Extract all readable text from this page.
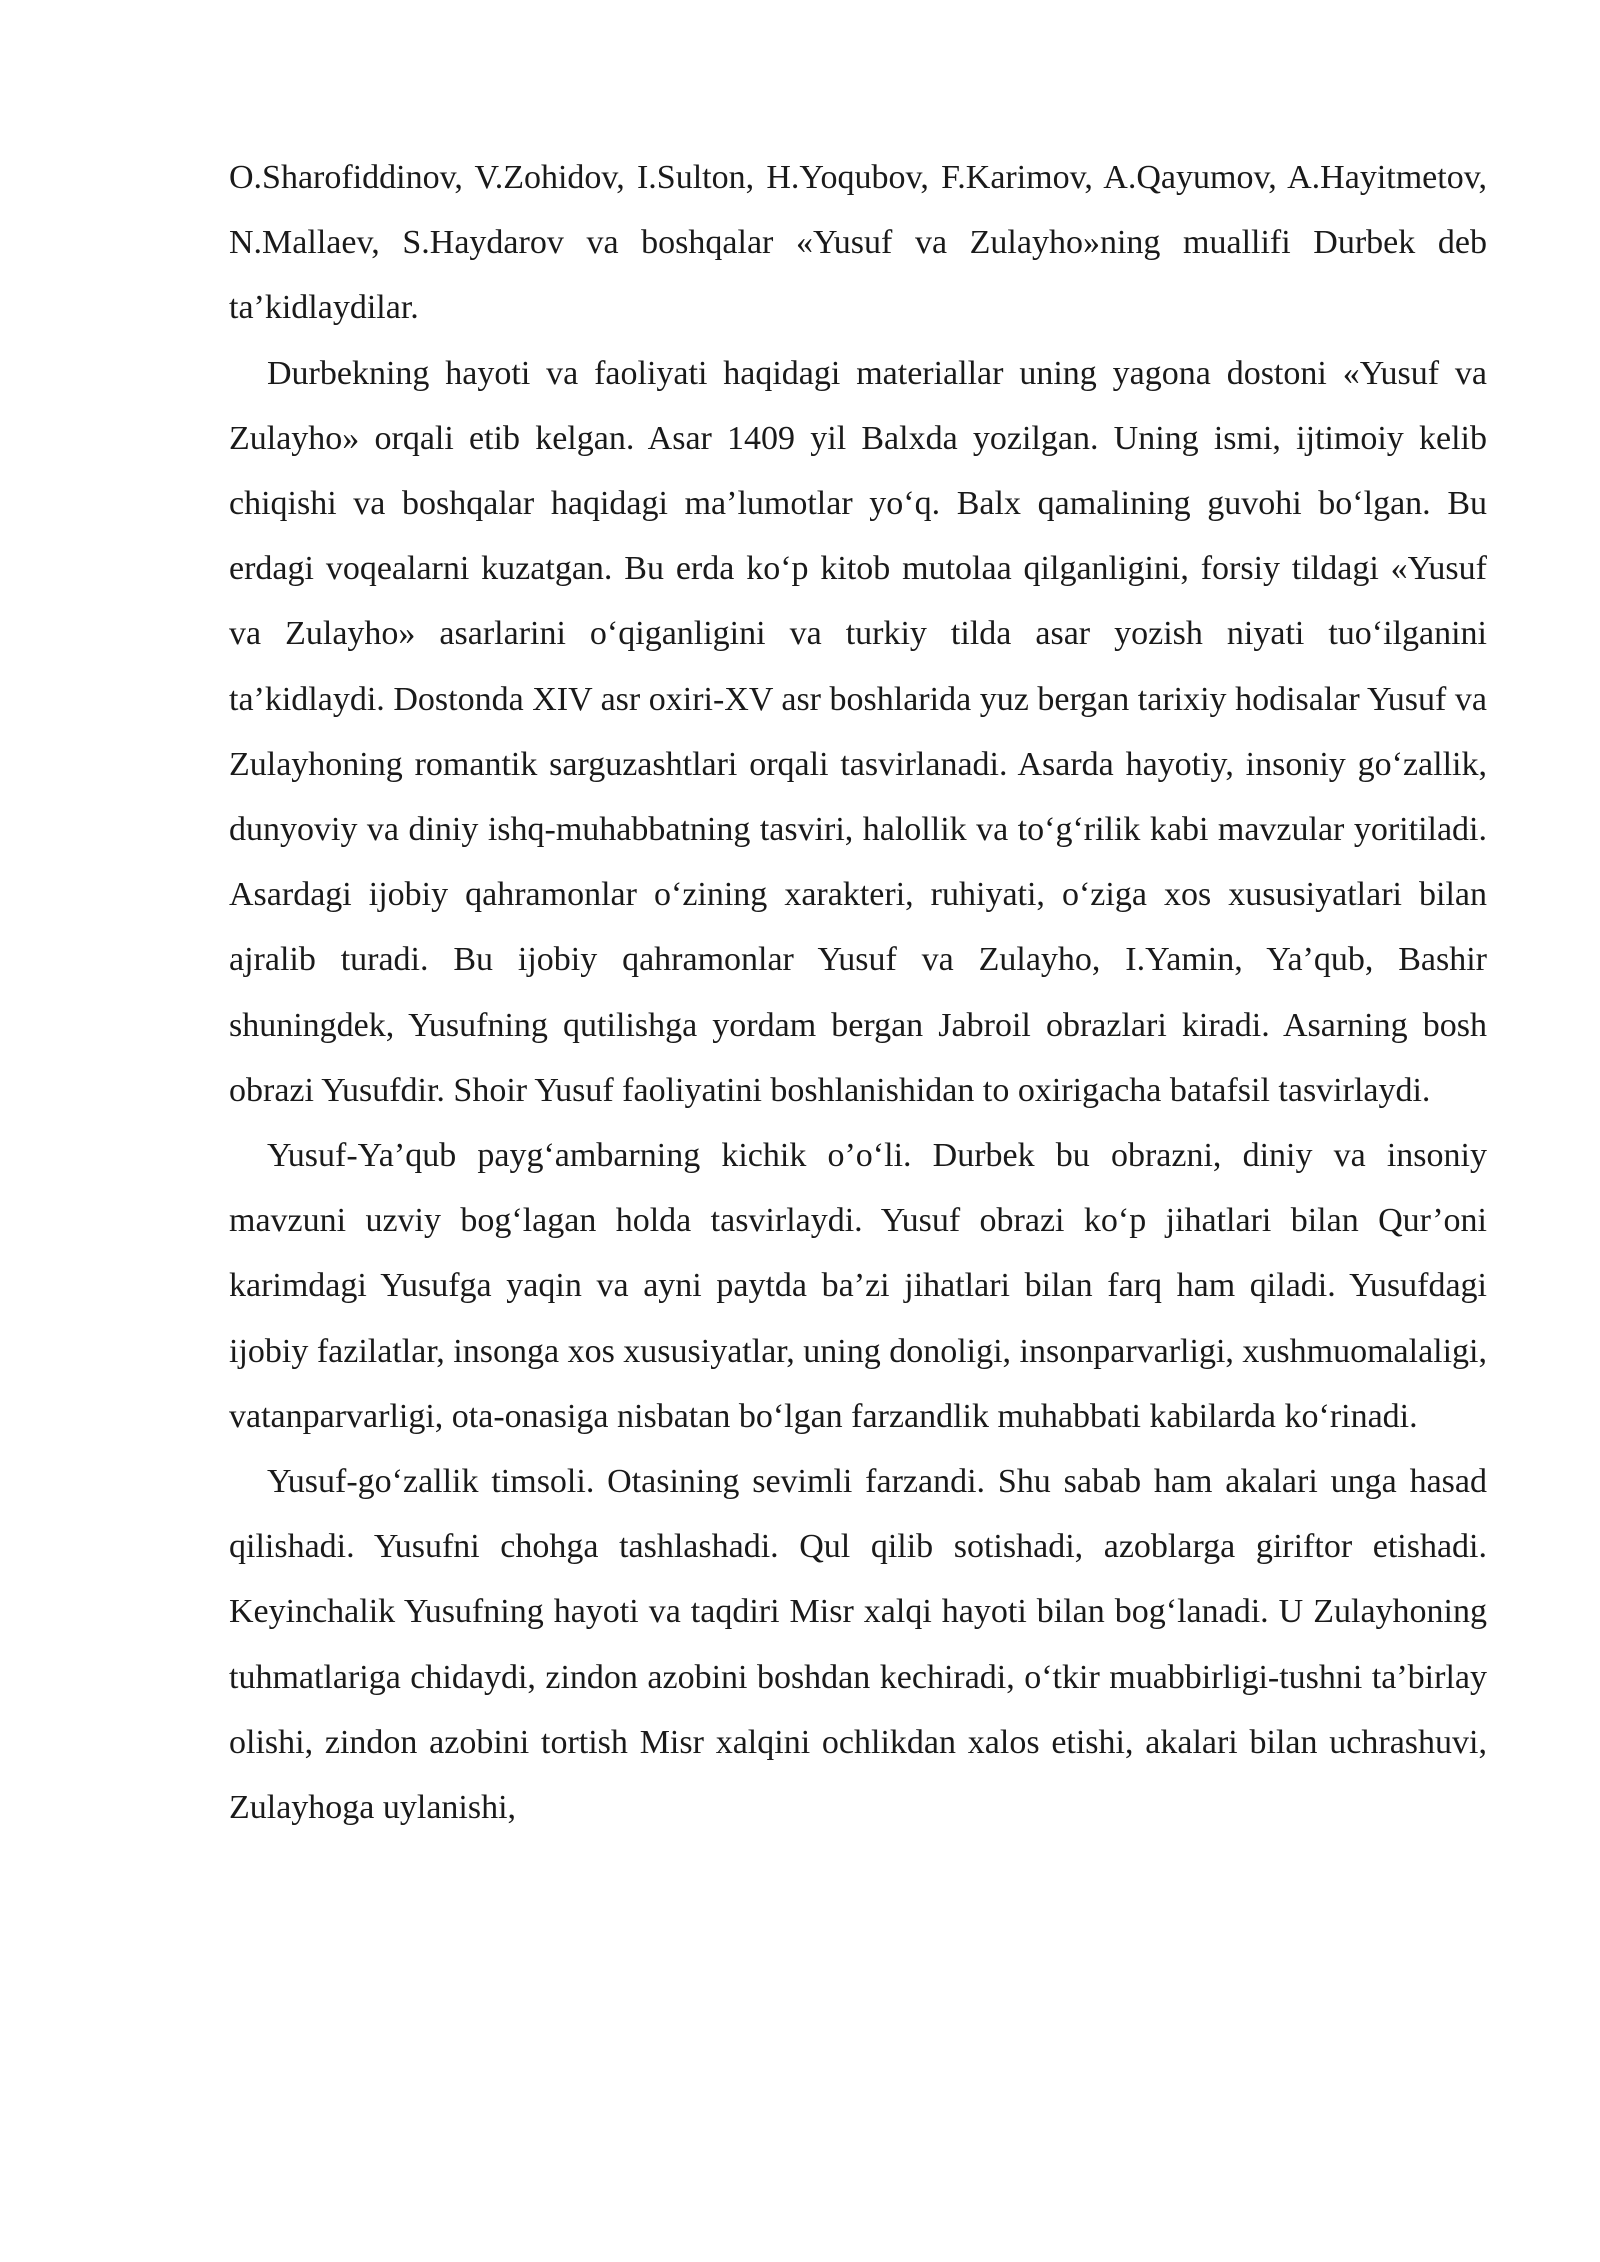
O.Sharofiddinov, V.Zohidov, I.Sulton, H.Yoqubov, F.Karimov, A.Qayumov, A.Hayitmetov, N.Mallaev, S.Haydarov va boshqalar «Yusuf va Zulayho»ning muallifi Durbek deb ta’kidlaydilar.

Durbekning hayoti va faoliyati haqidagi materiallar uning yagona dostoni «Yusuf va Zulayho» orqali etib kelgan. Asar 1409 yil Balxda yozilgan. Uning ismi, ijtimoiy kelib chiqishi va boshqalar haqidagi ma’lumotlar yo‘q. Balx qamalining guvohi bo‘lgan. Bu erdagi voqealarni kuzatgan. Bu erda ko‘p kitob mutolaa qilganligini, forsiy tildagi «Yusuf va Zulayho» asarlarini o‘qiganligini va turkiy tilda asar yozish niyati tuo‘ilganini ta’kidlaydi. Dostonda XIV asr oxiri-XV asr boshlarida yuz bergan tarixiy hodisalar Yusuf va Zulayhoning romantik sarguzashtlari orqali tasvirlanadi. Asarda hayotiy, insoniy go‘zallik, dunyoviy va diniy ishq-muhabbatning tasviri, halollik va to‘g‘rilik kabi mavzular yoritiladi. Asardagi ijobiy qahramonlar o‘zining xarakteri, ruhiyati, o‘ziga xos xususiyatlari bilan ajralib turadi. Bu ijobiy qahramonlar Yusuf va Zulayho, I.Yamin, Ya’qub, Bashir shuningdek, Yusufning qutilishga yordam bergan Jabroil obrazlari kiradi. Asarning bosh obrazi Yusufdir. Shoir Yusuf faoliyatini boshlanishidan to oxirigacha batafsil tasvirlaydi.

Yusuf-Ya’qub payg‘ambarning kichik o’o‘li. Durbek bu obrazni, diniy va insoniy mavzuni uzviy bog‘lagan holda tasvirlaydi. Yusuf obrazi ko‘p jihatlari bilan Qur’oni karimdagi Yusufga yaqin va ayni paytda ba’zi jihatlari bilan farq ham qiladi. Yusufdagi ijobiy fazilatlar, insonga xos xususiyatlar, uning donoligi, insonparvarligi, xushmuomalaligi, vatanparvarligi, ota-onasiga nisbatan bo‘lgan farzandlik muhabbati kabilarda ko‘rinadi.

Yusuf-go‘zallik timsoli. Otasining sevimli farzandi. Shu sabab ham akalari unga hasad qilishadi. Yusufni chohga tashlashadi. Qul qilib sotishadi, azoblarga giriftor etishadi. Keyinchalik Yusufning hayoti va taqdiri Misr xalqi hayoti bilan bog‘lanadi. U Zulayhoning tuhmatlariga chidaydi, zindon azobini boshdan kechiradi, o‘tkir muabbirligi-tushni ta’birlay olishi, zindon azobini tortish Misr xalqini ochlikdan xalos etishi, akalari bilan uchrashuvi, Zulayhoga uylanishi,
